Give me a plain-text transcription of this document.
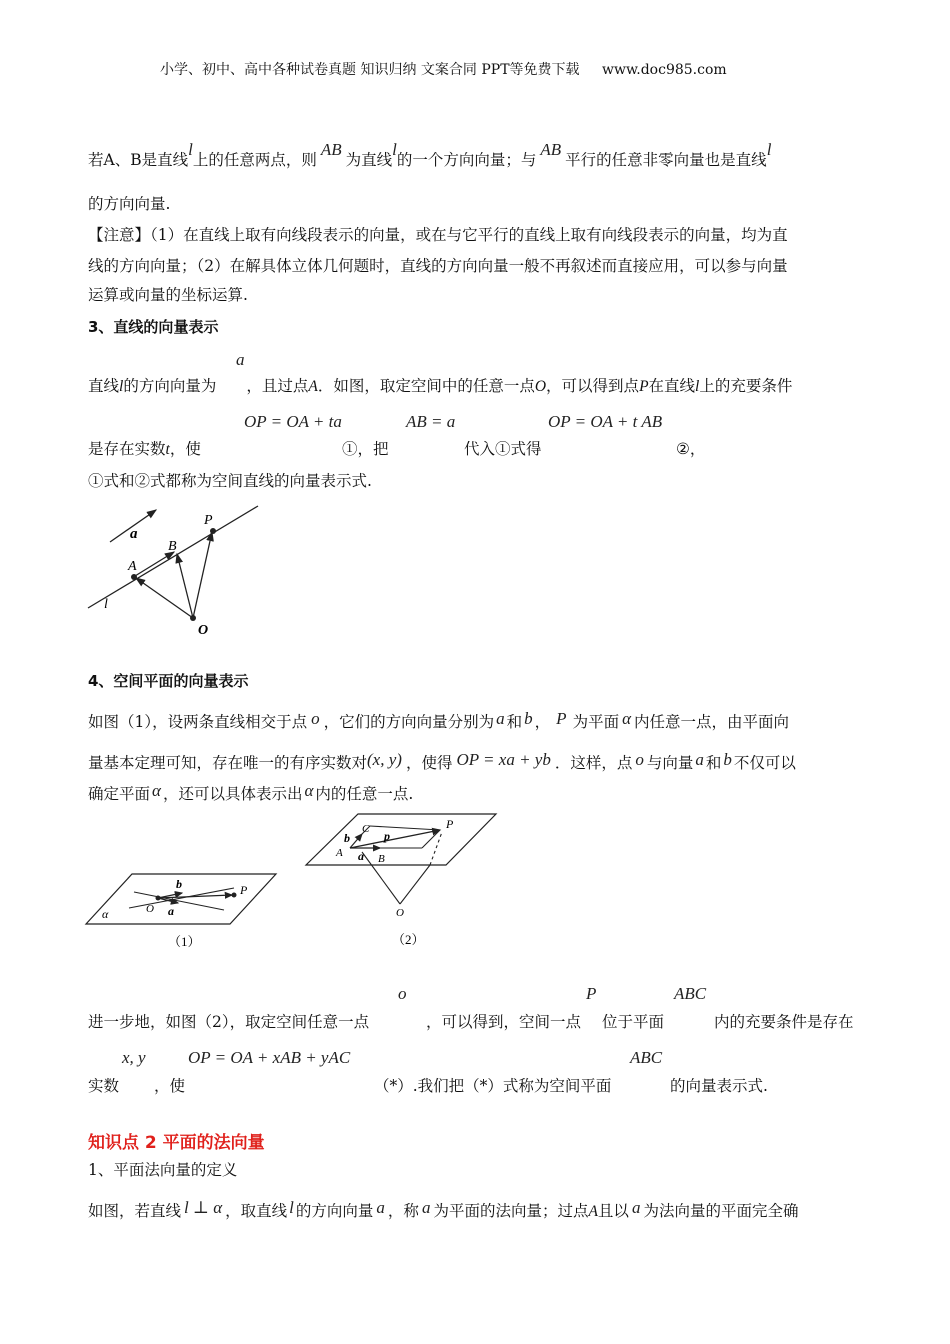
小学、初中、高中各种试卷真题 知识归纳 文案合同 PPT等免费下载 www.doc985.com
若A、B是直线l上的任意两点，则AB为直线l的一个方向向量；与AB平行的任意非零向量也是直线l
的方向向量.
【注意】（1）在直线上取有向线段表示的向量，或在与它平行的直线上取有向线段表示的向量，均为直
线的方向向量；（2）在解具体立体几何题时，直线的方向向量一般不再叙述而直接应用，可以参与向量
运算或向量的坐标运算.
3、直线的向量表示
a
直线l的方向向量为 ，且过点A．如图，取定空间中的任意一点O，可以得到点P在直线l上的充要条件
OP = OA + ta	AB = a	OP = OA + t AB
是存在实数t，使	①，把	代入①式得	②，
①式和②式都称为空间直线的向量表示式.
a
P
B
A
l
O
4、空间平面的向量表示
如图（1），设两条直线相交于点 o ，它们的方向向量分别为 a 和 b ， P 为平面 α 内任意一点，由平面向
量基本定理可知，存在唯一的有序实数对(x, y) ，使得 OP = xa + yb ．这样，点 o 与向量 a 和 b 不仅可以
确定平面 α ，还可以具体表示出 α 内的任意一点.
b	P
O a
α
（1）
P
C p
b
A a B
O
（2）
o	P	ABC
进一步地，如图（2），取定空间任意一点	，可以得到，空间一点 位于平面	内的充要条件是存在
x, y OP = OA + xAB + yAC	ABC
实数 ，使	（*）.我们把（*）式称为空间平面	的向量表示式.
知识点 2 平面的法向量
1、平面法向量的定义
如图，若直线 l ⊥ α ，取直线 l 的方向向量 a ，称 a 为平面的法向量；过点A且以 a 为法向量的平面完全确
